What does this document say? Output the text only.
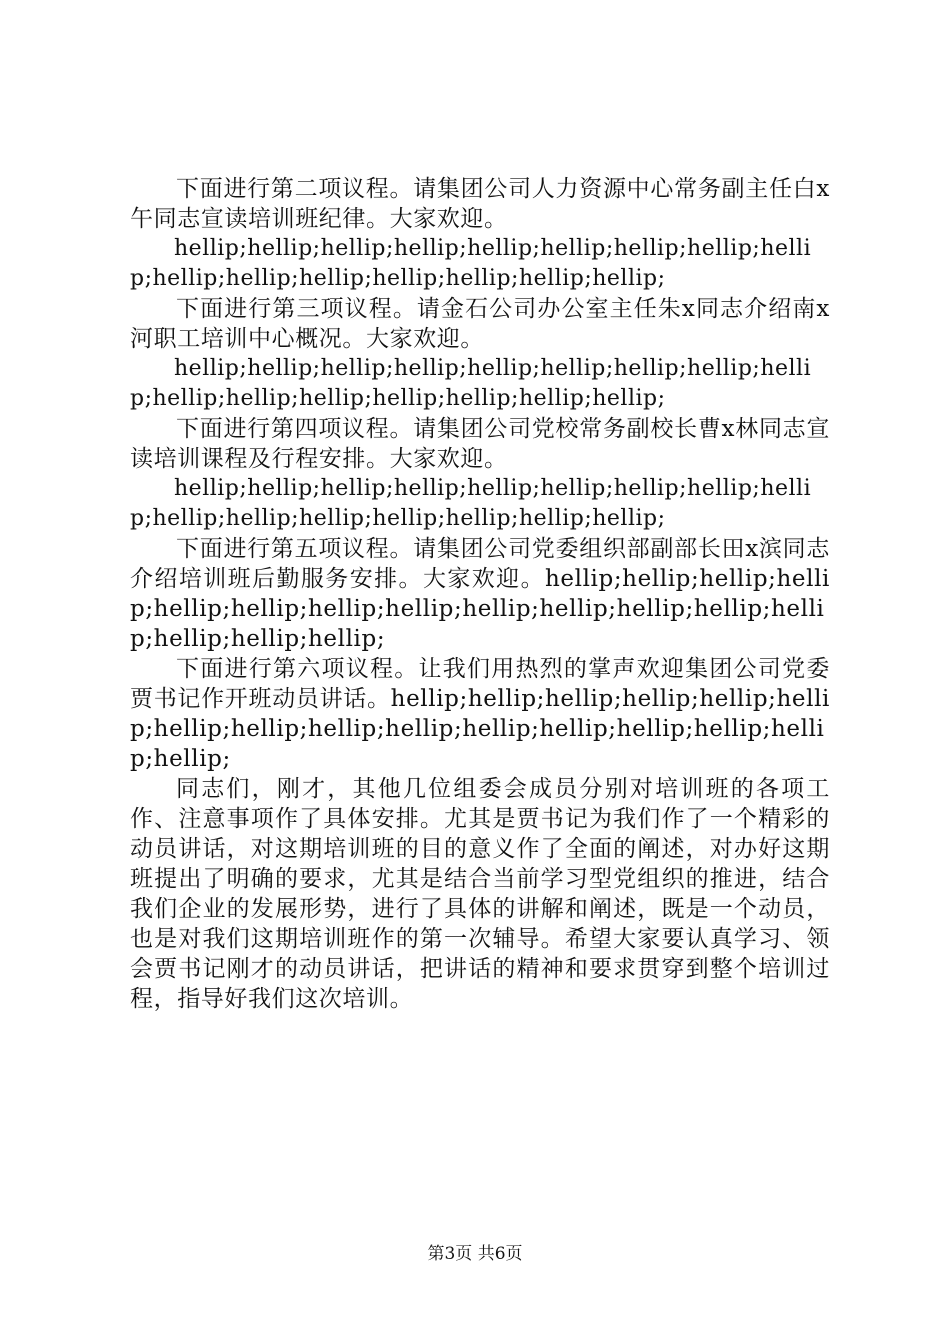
下面进行第二项议程。请集团公司人力资源中心常务副主任白x午同志宣读培训班纪律。大家欢迎。

hellip;hellip;hellip;hellip;hellip;hellip;hellip;hellip;hellip;hellip;hellip;hellip;hellip;hellip;hellip;hellip;

下面进行第三项议程。请金石公司办公室主任朱x同志介绍南x河职工培训中心概况。大家欢迎。

hellip;hellip;hellip;hellip;hellip;hellip;hellip;hellip;hellip;hellip;hellip;hellip;hellip;hellip;hellip;hellip;

下面进行第四项议程。请集团公司党校常务副校长曹x林同志宣读培训课程及行程安排。大家欢迎。

hellip;hellip;hellip;hellip;hellip;hellip;hellip;hellip;hellip;hellip;hellip;hellip;hellip;hellip;hellip;hellip;

下面进行第五项议程。请集团公司党委组织部副部长田x滨同志介绍培训班后勤服务安排。大家欢迎。hellip;hellip;hellip;hellip;hellip;hellip;hellip;hellip;hellip;hellip;hellip;hellip;hellip;hellip;hellip;hellip;

下面进行第六项议程。让我们用热烈的掌声欢迎集团公司党委贾书记作开班动员讲话。hellip;hellip;hellip;hellip;hellip;hellip;hellip;hellip;hellip;hellip;hellip;hellip;hellip;hellip;hellip;hellip;

同志们，刚才，其他几位组委会成员分别对培训班的各项工作、注意事项作了具体安排。尤其是贾书记为我们作了一个精彩的动员讲话，对这期培训班的目的意义作了全面的阐述，对办好这期班提出了明确的要求，尤其是结合当前学习型党组织的推进，结合我们企业的发展形势，进行了具体的讲解和阐述，既是一个动员，也是对我们这期培训班作的第一次辅导。希望大家要认真学习、领会贾书记刚才的动员讲话，把讲话的精神和要求贯穿到整个培训过程，指导好我们这次培训。

第3页 共6页
